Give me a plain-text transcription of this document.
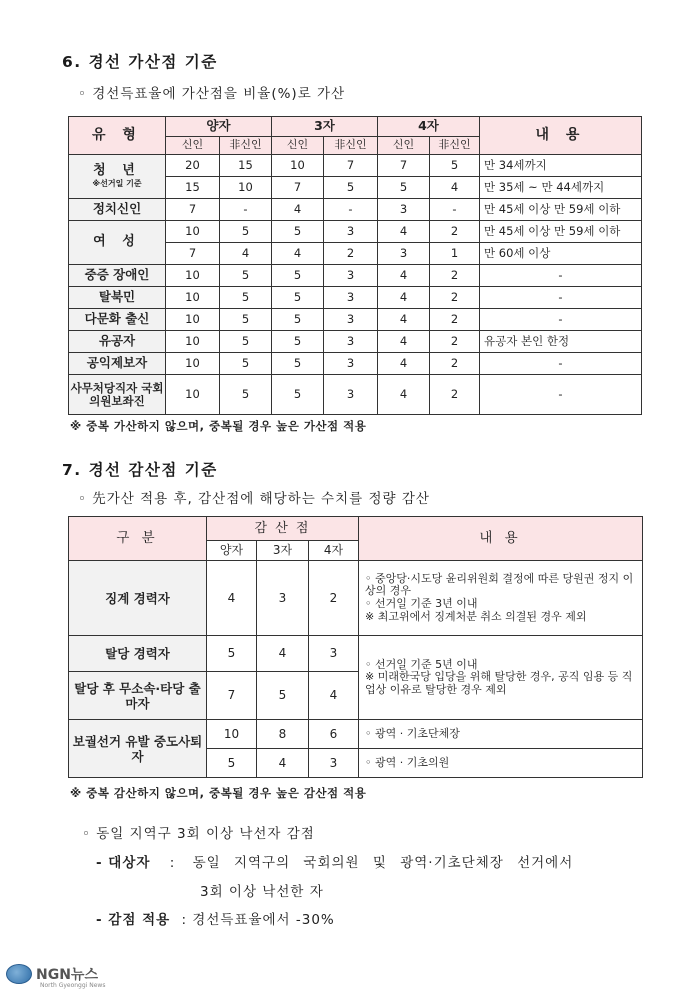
6. 경선 가산점 기준
◦ 경선득표율에 가산점을 비율(%)로 가산
유 형	양자		3자		4자		내 용
	신인	非신인	신인	非신인	신인	非신인	
청 년
※선거일 기준	20	15	10	7	7	5	만 34세까지
	15	10	7	5	5	4	만 35세 ~ 만 44세까지
정치신인	7	-	4	-	3	-	만 45세 이상 만 59세 이하
여 성	10	5	5	3	4	2	만 45세 이상 만 59세 이하
	7	4	4	2	3	1	만 60세 이상
중증 장애인	10	5	5	3	4	2	-
탈북민	10	5	5	3	4	2	-
다문화 출신	10	5	5	3	4	2	-
유공자	10	5	5	3	4	2	유공자 본인 한정
공익제보자	10	5	5	3	4	2	-
사무처당직자 국회의원보좌진	10	5	5	3	4	2	-
※ 중복 가산하지 않으며, 중복될 경우 높은 가산점 적용
7. 경선 감산점 기준
◦ 先가산 적용 후, 감산점에 해당하는 수치를 정량 감산
구 분	감 산 점			내 용
	양자	3자	4자	
징계 경력자	4	3	2	◦ 중앙당·시도당 윤리위원회 결정에 따른 당원권 정지 이상의 경우
◦ 선거일 기준 3년 이내
※ 최고위에서 징계처분 취소 의결된 경우 제외

탈당 경력자	5	4	3	◦ 선거일 기준 5년 이내
※ 미래한국당 입당을 위해 탈당한 경우, 공직 임용 등 직업상 이유로 탈당한 경우 제외

탈당 후 무소속·타당 출마자	7	5	4	
보궐선거 유발 중도사퇴자	10	8	6	◦ 광역 · 기초단체장
	5	4	3	◦ 광역 · 기초의원
※ 중복 감산하지 않으며, 중복될 경우 높은 감산점 적용
◦ 동일 지역구 3회 이상 낙선자 감점
- 대상자 : 동일 지역구의 국회의원 및 광역·기초단체장 선거에서
3회 이상 낙선한 자
- 감점 적용 : 경선득표율에서 -30%
NGN뉴스
North Gyeonggi News
